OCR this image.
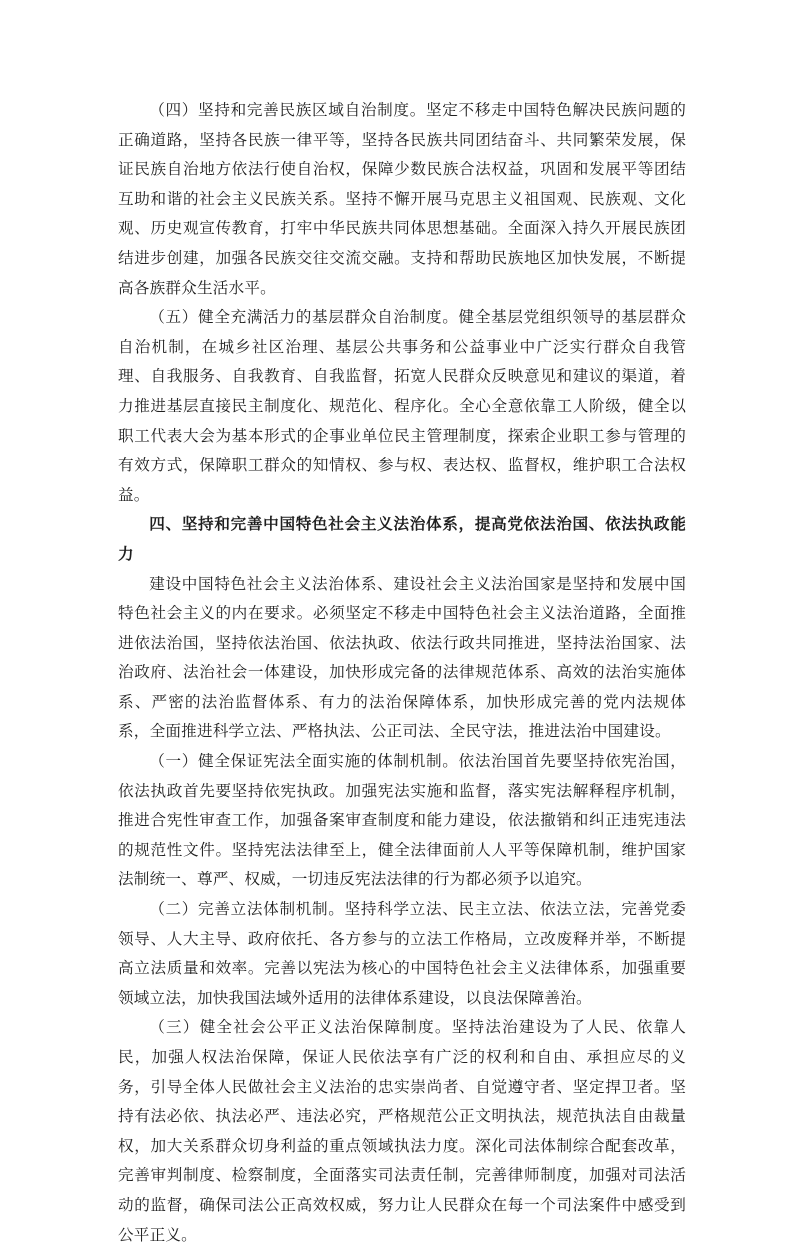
（四）坚持和完善民族区域自治制度。坚定不移走中国特色解决民族问题的正确道路，坚持各民族一律平等，坚持各民族共同团结奋斗、共同繁荣发展，保证民族自治地方依法行使自治权，保障少数民族合法权益，巩固和发展平等团结互助和谐的社会主义民族关系。坚持不懈开展马克思主义祖国观、民族观、文化观、历史观宣传教育，打牢中华民族共同体思想基础。全面深入持久开展民族团结进步创建，加强各民族交往交流交融。支持和帮助民族地区加快发展，不断提高各族群众生活水平。

（五）健全充满活力的基层群众自治制度。健全基层党组织领导的基层群众自治机制，在城乡社区治理、基层公共事务和公益事业中广泛实行群众自我管理、自我服务、自我教育、自我监督，拓宽人民群众反映意见和建议的渠道，着力推进基层直接民主制度化、规范化、程序化。全心全意依靠工人阶级，健全以职工代表大会为基本形式的企事业单位民主管理制度，探索企业职工参与管理的有效方式，保障职工群众的知情权、参与权、表达权、监督权，维护职工合法权益。

四、坚持和完善中国特色社会主义法治体系，提高党依法治国、依法执政能力

建设中国特色社会主义法治体系、建设社会主义法治国家是坚持和发展中国特色社会主义的内在要求。必须坚定不移走中国特色社会主义法治道路，全面推进依法治国，坚持依法治国、依法执政、依法行政共同推进，坚持法治国家、法治政府、法治社会一体建设，加快形成完备的法律规范体系、高效的法治实施体系、严密的法治监督体系、有力的法治保障体系，加快形成完善的党内法规体系，全面推进科学立法、严格执法、公正司法、全民守法，推进法治中国建设。

（一）健全保证宪法全面实施的体制机制。依法治国首先要坚持依宪治国，依法执政首先要坚持依宪执政。加强宪法实施和监督，落实宪法解释程序机制，推进合宪性审查工作，加强备案审查制度和能力建设，依法撤销和纠正违宪违法的规范性文件。坚持宪法法律至上，健全法律面前人人平等保障机制，维护国家法制统一、尊严、权威，一切违反宪法法律的行为都必须予以追究。

（二）完善立法体制机制。坚持科学立法、民主立法、依法立法，完善党委领导、人大主导、政府依托、各方参与的立法工作格局，立改废释并举，不断提高立法质量和效率。完善以宪法为核心的中国特色社会主义法律体系，加强重要领域立法，加快我国法域外适用的法律体系建设，以良法保障善治。

（三）健全社会公平正义法治保障制度。坚持法治建设为了人民、依靠人民，加强人权法治保障，保证人民依法享有广泛的权利和自由、承担应尽的义务，引导全体人民做社会主义法治的忠实崇尚者、自觉遵守者、坚定捍卫者。坚持有法必依、执法必严、违法必究，严格规范公正文明执法，规范执法自由裁量权，加大关系群众切身利益的重点领域执法力度。深化司法体制综合配套改革，完善审判制度、检察制度，全面落实司法责任制，完善律师制度，加强对司法活动的监督，确保司法公正高效权威，努力让人民群众在每一个司法案件中感受到公平正义。
